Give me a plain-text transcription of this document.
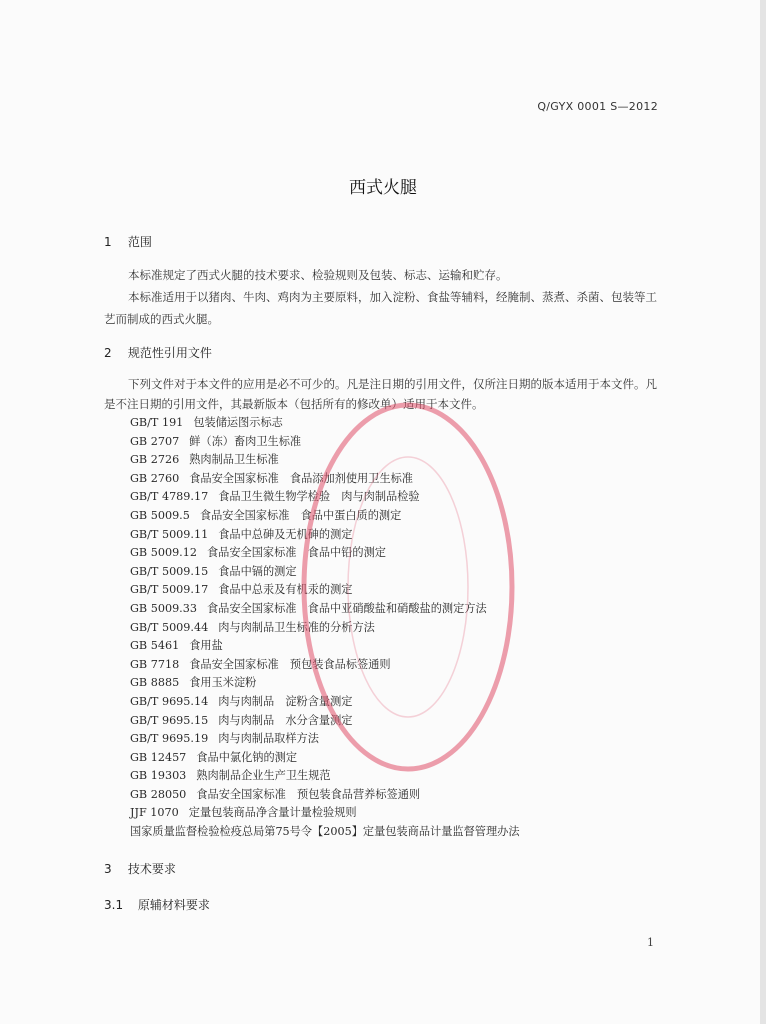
Q/GYX 0001 S—2012
西式火腿
1 范围

本标准规定了西式火腿的技术要求、检验规则及包装、标志、运输和贮存。

本标准适用于以猪肉、牛肉、鸡肉为主要原料，加入淀粉、食盐等辅料，经腌制、蒸煮、杀菌、包装等工艺而制成的西式火腿。

2 规范性引用文件

下列文件对于本文件的应用是必不可少的。凡是注日期的引用文件，仅所注日期的版本适用于本文件。凡是不注日期的引用文件，其最新版本（包括所有的修改单）适用于本文件。

GB/T 191 包装储运图示标志
GB 2707 鲜（冻）畜肉卫生标准
GB 2726 熟肉制品卫生标准
GB 2760 食品安全国家标准　食品添加剂使用卫生标准
GB/T 4789.17 食品卫生微生物学检验　肉与肉制品检验
GB 5009.5 食品安全国家标准　食品中蛋白质的测定
GB/T 5009.11 食品中总砷及无机砷的测定
GB 5009.12 食品安全国家标准　食品中铅的测定
GB/T 5009.15 食品中镉的测定
GB/T 5009.17 食品中总汞及有机汞的测定
GB 5009.33 食品安全国家标准　食品中亚硝酸盐和硝酸盐的测定方法
GB/T 5009.44 肉与肉制品卫生标准的分析方法
GB 5461 食用盐
GB 7718 食品安全国家标准　预包装食品标签通则
GB 8885 食用玉米淀粉
GB/T 9695.14 肉与肉制品　淀粉含量测定
GB/T 9695.15 肉与肉制品　水分含量测定
GB/T 9695.19 肉与肉制品取样方法
GB 12457 食品中氯化钠的测定
GB 19303 熟肉制品企业生产卫生规范
GB 28050 食品安全国家标准　预包装食品营养标签通则
JJF 1070 定量包装商品净含量计量检验规则
国家质量监督检验检疫总局第75号令【2005】定量包装商品计量监督管理办法
3 技术要求
3.1 原辅材料要求
1
